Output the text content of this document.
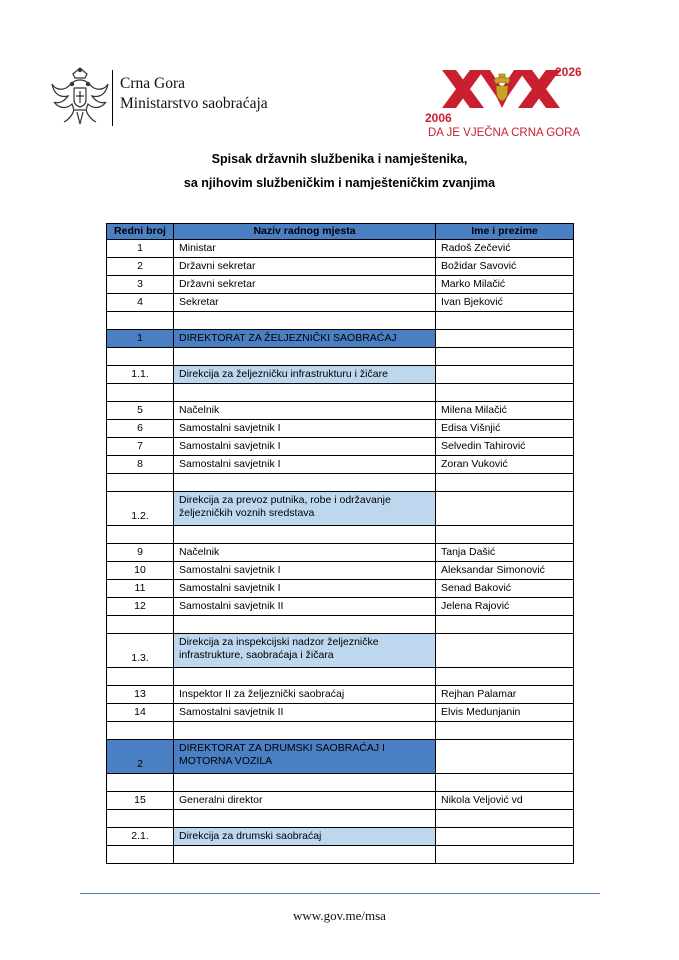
Crna Gora
Ministarstvo saobraćaja
2006
2026
DA JE VJEČNA CRNA GORA
Spisak državnih službenika i namještenika,
sa njihovim službeničkim i namješteničkim zvanjima
Redni broj	Naziv radnog mjesta	Ime i prezime
1	Ministar	Radoš Zečević
2	Državni sekretar	Božidar Savović
3	Državni sekretar	Marko Milačić
4	Sekretar	Ivan Bjeković

1	DIREKTORAT ZA ŽELJEZNIČKI SAOBRAĆAJ	

1.1.	Direkcija za željezničku infrastrukturu i žičare	

5	Načelnik	Milena Milačić
6	Samostalni savjetnik I	Edisa Višnjić
7	Samostalni savjetnik I	Selvedin Tahirović
8	Samostalni savjetnik I	Zoran Vuković

1.2.	Direkcija za prevoz putnika, robe i održavanje željezničkih voznih sredstava	

9	Načelnik	Tanja Dašić
10	Samostalni savjetnik I	Aleksandar Simonović
11	Samostalni savjetnik I	Senad Baković
12	Samostalni savjetnik II	Jelena Rajović

1.3.	Direkcija za inspekcijski nadzor željezničke infrastrukture, saobraćaja i žičara	

13	Inspektor II za željeznički saobraćaj	Rejhan Palamar
14	Samostalni savjetnik II	Elvis Medunjanin

2	DIREKTORAT ZA DRUMSKI SAOBRAĆAJ I MOTORNA VOZILA	

15	Generalni direktor	Nikola Veljović vd

2.1.	Direkcija za drumski saobraćaj	

www.gov.me/msa
